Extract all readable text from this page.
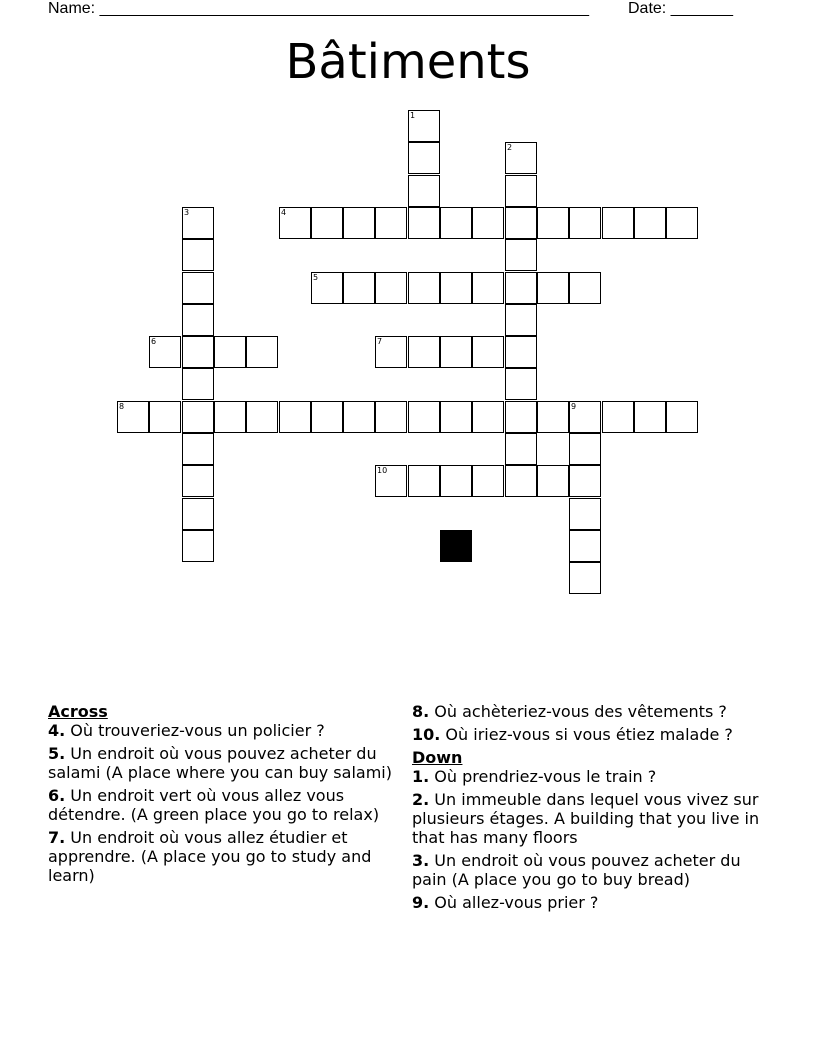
Name: _______________________________________________________ Date: _______
Bâtiments
4
5
6	7
8	9
10
1
2
3

Across

4. Où trouveriez-vous un policier ?

5. Un endroit où vous pouvez acheter du salami (A place where you can buy salami)

6. Un endroit vert où vous allez vous détendre. (A green place you go to relax)

7. Un endroit où vous allez étudier et apprendre. (A place you go to study and learn)

8. Où achèteriez-vous des vêtements ?

10. Où iriez-vous si vous étiez malade ?

Down

1. Où prendriez-vous le train ?

2. Un immeuble dans lequel vous vivez sur plusieurs étages. A building that you live in that has many floors

3. Un endroit où vous pouvez acheter du pain (A place you go to buy bread)

9. Où allez-vous prier ?
